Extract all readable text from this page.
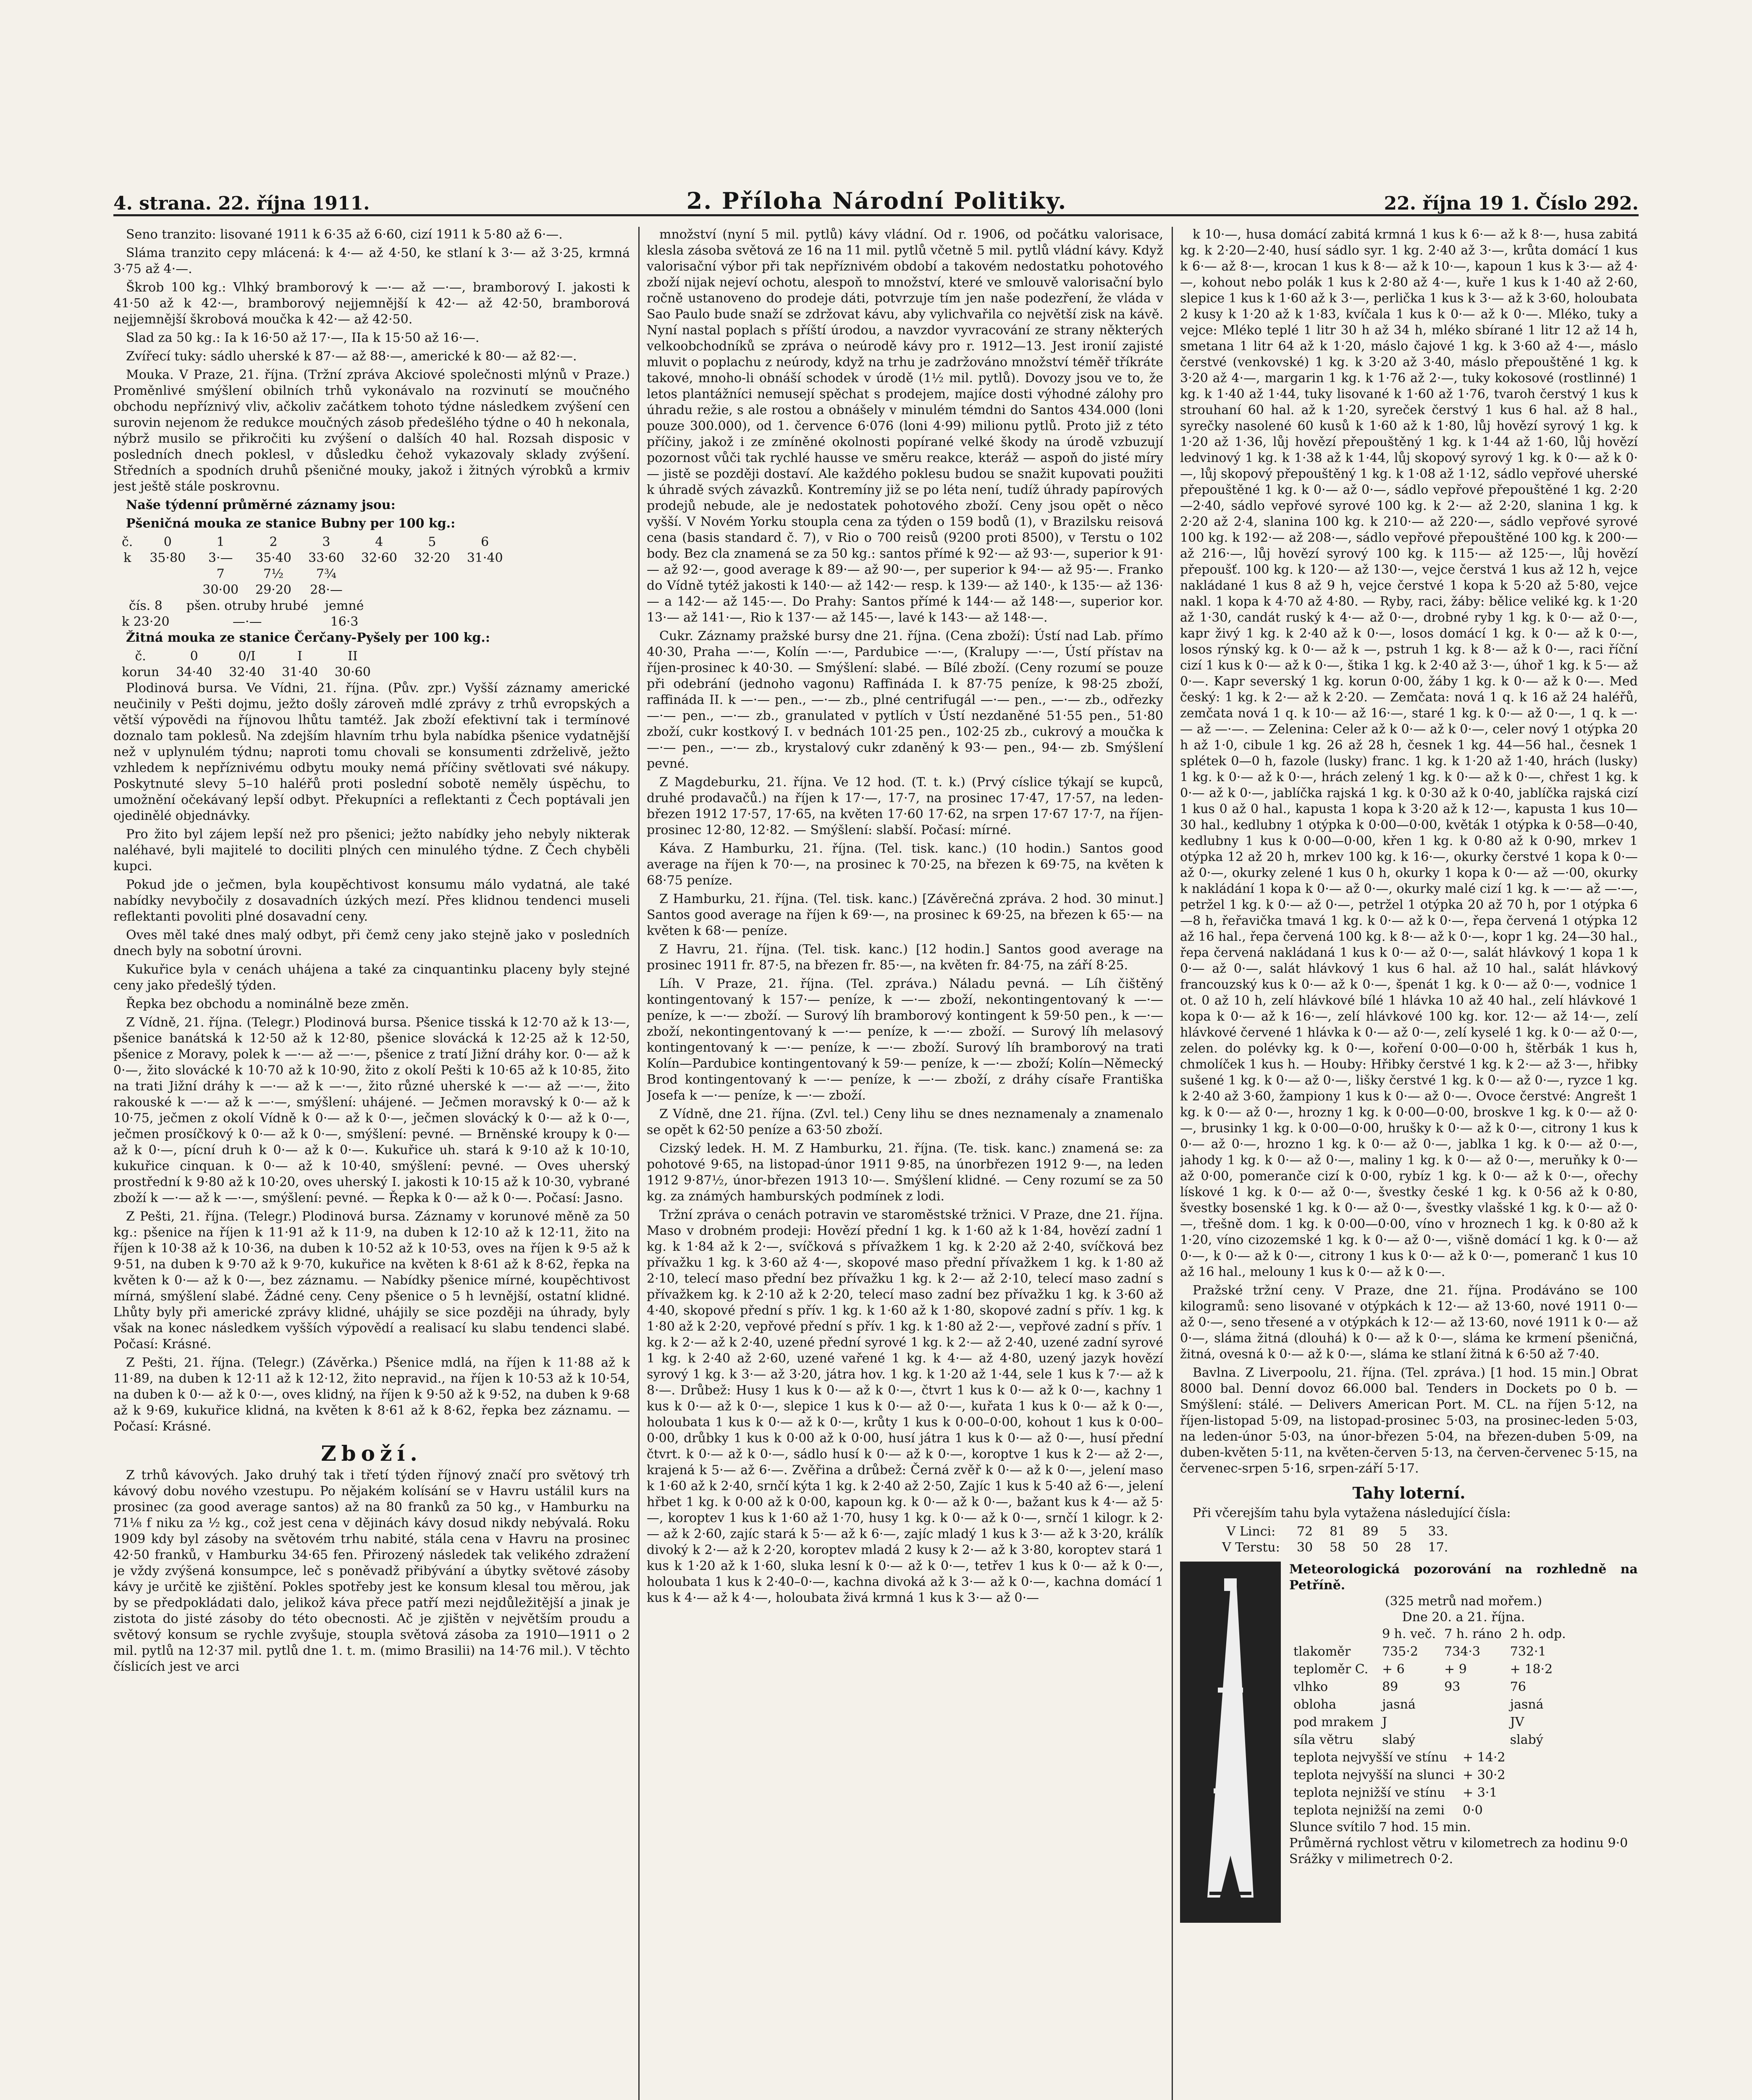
4. strana. 22. října 1911.	2. Příloha Národní Politiky.	22. října 19 1. Číslo 292.

Seno tranzito: lisované 1911 k 6·35 až 6·60, cizí 1911 k 5·80 až 6·—.

Sláma tranzito cepy mlácená: k 4·— až 4·50, ke stlaní k 3·— až 3·25, krmná 3·75 až 4·—.

Škrob 100 kg.: Vlhký bramborový k —·— až —·—, bramborový I. jakosti k 41·50 až k 42·—, bramborový nejjemnější k 42·— až 42·50, bramborová nejjemnější škrobová moučka k 42·— až 42·50.

Slad za 50 kg.: Ia k 16·50 až 17·—, IIa k 15·50 až 16·—.

Zvířecí tuky: sádlo uherské k 87·— až 88·—, americké k 80·— až 82·—.

Mouka. V Praze, 21. října. (Tržní zpráva Akciové společnosti mlýnů v Praze.) Proměnlivé smýšlení obilních trhů vykonávalo na rozvinutí se moučného obchodu nepříznivý vliv, ačkoliv začátkem tohoto týdne následkem zvýšení cen surovin nejenom že redukce moučných zásob předešlého týdne o 40 h nekonala, nýbrž musilo se přikročiti ku zvýšení o dalších 40 hal. Rozsah disposic v posledních dnech poklesl, v důsledku čehož vykazovaly sklady zvýšení. Středních a spodních druhů pšeničné mouky, jakož i žitných výrobků a krmiv jest ještě stále poskrovnu.

Naše týdenní průměrné záznamy jsou:

Pšeničná mouka ze stanice Bubny per 100 kg.:

č.	0	1	2	3	4	5	6
k	35·80	3·—	35·40	33·60	32·60	32·20	31·40
		7	7½	7¾			
		30·00	29·20	28·—			
čís. 8	pšen. otruby hrubé	jemné
k 23·20	—·—	16·3

Žitná mouka ze stanice Čerčany-Pyšely per 100 kg.:

č.	0	0/I	I	II
korun	34·40	32·40	31·40	30·60

Plodinová bursa. Ve Vídni, 21. října. (Pův. zpr.) Vyšší záznamy americké neučinily v Pešti dojmu, ježto došly zároveň mdlé zprávy z trhů evropských a větší výpovědi na říjnovou lhůtu tamtéž. Jak zboží efektivní tak i termínové doznalo tam poklesů. Na zdejším hlavním trhu byla nabídka pšenice vydatnější než v uplynulém týdnu; naproti tomu chovali se konsumenti zdrželivě, ježto vzhledem k nepříznivému odbytu mouky nemá příčiny světlovati své nákupy. Poskytnuté slevy 5–10 haléřů proti poslední sobotě neměly úspěchu, to umožnění očekávaný lepší odbyt. Překupníci a reflektanti z Čech poptávali jen ojedinělé objednávky.

Pro žito byl zájem lepší než pro pšenici; ježto nabídky jeho nebyly nikterak naléhavé, byli majitelé to dociliti plných cen minulého týdne. Z Čech chyběli kupci.

Pokud jde o ječmen, byla koupěchtivost konsumu málo vydatná, ale také nabídky nevybočily z dosavadních úzkých mezí. Přes klidnou tendenci museli reflektanti povoliti plné dosavadní ceny.

Oves měl také dnes malý odbyt, při čemž ceny jako stejně jako v posledních dnech byly na sobotní úrovni.

Kukuřice byla v cenách uhájena a také za cinquantinku placeny byly stejné ceny jako předešlý týden.

Řepka bez obchodu a nominálně beze změn.

Z Vídně, 21. října. (Telegr.) Plodinová bursa. Pšenice tisská k 12·70 až k 13·—, pšenice banátská k 12·50 až k 12·80, pšenice slovácká k 12·25 až k 12·50, pšenice z Moravy, polek k —·— až —·—, pšenice z tratí Jižní dráhy kor. 0·— až k 0·—, žito slovácké k 10·70 až k 10·90, žito z okolí Pešti k 10·65 až k 10·85, žito na trati Jižní dráhy k —·— až k —·—, žito různé uherské k —·— až —·—, žito rakouské k —·— až k —·—, smýšlení: uhájené. — Ječmen moravský k 0·— až k 10·75, ječmen z okolí Vídně k 0·— až k 0·—, ječmen slovácký k 0·— až k 0·—, ječmen prosíčkový k 0·— až k 0·—, smýšlení: pevné. — Brněnské kroupy k 0·— až k 0·—, pícní druh k 0·— až k 0·—. Kukuřice uh. stará k 9·10 až k 10·10, kukuřice cinquan. k 0·— až k 10·40, smýšlení: pevné. — Oves uherský prostřední k 9·80 až k 10·20, oves uherský I. jakosti k 10·15 až k 10·30, vybrané zboží k —·— až k —·—, smýšlení: pevné. — Řepka k 0·— až k 0·—. Počasí: Jasno.

Z Pešti, 21. října. (Telegr.) Plodinová bursa. Záznamy v korunové měně za 50 kg.: pšenice na říjen k 11·91 až k 11·9, na duben k 12·10 až k 12·11, žito na říjen k 10·38 až k 10·36, na duben k 10·52 až k 10·53, oves na říjen k 9·5 až k 9·51, na duben k 9·70 až k 9·70, kukuřice na květen k 8·61 až k 8·62, řepka na květen k 0·— až k 0·—, bez záznamu. — Nabídky pšenice mírné, koupěchtivost mírná, smýšlení slabé. Žádné ceny. Ceny pšenice o 5 h levnější, ostatní klidné. Lhůty byly při americké zprávy klidné, uhájily se sice později na úhrady, byly však na konec následkem vyšších výpovědí a realisací ku slabu tendenci slabé. Počasí: Krásné.

Z Pešti, 21. října. (Telegr.) (Závěrka.) Pšenice mdlá, na říjen k 11·88 až k 11·89, na duben k 12·11 až k 12·12, žito nepravid., na říjen k 10·53 až k 10·54, na duben k 0·— až k 0·—, oves klidný, na říjen k 9·50 až k 9·52, na duben k 9·68 až k 9·69, kukuřice klidná, na květen k 8·61 až k 8·62, řepka bez záznamu. — Počasí: Krásné.

Zboží.

Z trhů kávových. Jako druhý tak i třetí týden říjnový značí pro světový trh kávový dobu nového vzestupu. Po nějakém kolísání se v Havru ustálil kurs na prosinec (za good average santos) až na 80 franků za 50 kg., v Hamburku na 71⅛ f niku za ½ kg., což jest cena v dějinách kávy dosud nikdy nebývalá. Roku 1909 kdy byl zásoby na světovém trhu nabité, stála cena v Havru na prosinec 42·50 franků, v Hamburku 34·65 fen. Přirozený následek tak velikého zdražení je vždy zvýšená konsumpce, leč s poněvadž přibývání a úbytky světové zásoby kávy je určitě ke zjištění. Pokles spotřeby jest ke konsum klesal tou měrou, jak by se předpokládati dalo, jelikož káva přece patří mezi nejdůležitější a jinak je zistota do jisté zásoby do této obecnosti. Ač je zjištěn v největším proudu a světový konsum se rychle zvyšuje, stoupla světová zásoba za 1910—1911 o 2 mil. pytlů na 12·37 mil. pytlů dne 1. t. m. (mimo Brasilii) na 14·76 mil.). V těchto číslicích jest ve arci

množství (nyní 5 mil. pytlů) kávy vládní. Od r. 1906, od počátku valorisace, klesla zásoba světová ze 16 na 11 mil. pytlů včetně 5 mil. pytlů vládní kávy. Když valorisační výbor při tak nepříznivém období a takovém nedostatku pohotového zboží nijak nejeví ochotu, alespoň to množství, které ve smlouvě valorisační bylo ročně ustanoveno do prodeje dáti, potvrzuje tím jen naše podezření, že vláda v Sao Paulo bude snaží se zdržovat kávu, aby vylichvařila co největší zisk na kávě. Nyní nastal poplach s příští úrodou, a navzdor vyvracování ze strany některých velkoobchodníků se zpráva o neúrodě kávy pro r. 1912—13. Jest ironií zajisté mluvit o poplachu z neúrody, když na trhu je zadržováno množství téměř tříkráte takové, mnoho-li obnáší schodek v úrodě (1½ mil. pytlů). Dovozy jsou ve to, že letos plantážníci nemusejí spěchat s prodejem, majíce dosti výhodné zálohy pro úhradu režie, s ale rostou a obnášely v minulém témdni do Santos 434.000 (loni pouze 300.000), od 1. července 6·076 (loni 4·99) milionu pytlů. Proto již z této příčiny, jakož i ze zmíněné okolnosti popírané velké škody na úrodě vzbuzují pozornost vůči tak rychlé hausse ve směru reakce, kteráž — aspoň do jisté míry — jistě se později dostaví. Ale každého poklesu budou se snažit kupovati použiti k úhradě svých závazků. Kontremíny již se po léta není, tudíž úhrady papírových prodejů nebude, ale je nedostatek pohotového zboží. Ceny jsou opět o něco vyšší. V Novém Yorku stoupla cena za týden o 159 bodů (1), v Brazilsku reisová cena (basis standard č. 7), v Rio o 700 reisů (9200 proti 8500), v Terstu o 102 body. Bez cla znamená se za 50 kg.: santos přímé k 92·— až 93·—, superior k 91·— až 92·—, good average k 89·— až 90·—, per superior k 94·— až 95·—. Franko do Vídně tytéž jakosti k 140·— až 142·— resp. k 139·— až 140·, k 135·— až 136·— a 142·— až 145·—. Do Prahy: Santos přímé k 144·— až 148·—, superior kor. 13·— až 141·—, Rio k 137·— až 145·—, lavé k 143·— až 148·—.

Cukr. Záznamy pražské bursy dne 21. října. (Cena zboží): Ústí nad Lab. přímo 40·30, Praha —·—, Kolín —·—, Pardubice —·—, (Kralupy —·—, Ústí přístav na říjen-prosinec k 40·30. — Smýšlení: slabé. — Bílé zboží. (Ceny rozumí se pouze při odebrání (jednoho vagonu) Raffináda I. k 87·75 peníze, k 98·25 zboží, raffináda II. k —·— pen., —·— zb., plné centrifugál —·— pen., —·— zb., odřezky —·— pen., —·— zb., granulated v pytlích v Ústí nezdaněné 51·55 pen., 51·80 zboží, cukr kostkový I. v bednách 101·25 pen., 102·25 zb., cukrový a moučka k —·— pen., —·— zb., krystalový cukr zdaněný k 93·— pen., 94·— zb. Smýšlení pevné.

Z Magdeburku, 21. října. Ve 12 hod. (T. t. k.) (Prvý císlice týkají se kupců, druhé prodavačů.) na říjen k 17·—, 17·7, na prosinec 17·47, 17·57, na leden-březen 1912 17·57, 17·65, na květen 17·60 17·62, na srpen 17·67 17·7, na říjen-prosinec 12·80, 12·82. — Smýšlení: slabší. Počasí: mírné.

Káva. Z Hamburku, 21. října. (Tel. tisk. kanc.) (10 hodin.) Santos good average na říjen k 70·—, na prosinec k 70·25, na březen k 69·75, na květen k 68·75 peníze.

Z Hamburku, 21. října. (Tel. tisk. kanc.) [Závěrečná zpráva. 2 hod. 30 minut.] Santos good average na říjen k 69·—, na prosinec k 69·25, na březen k 65·— na květen k 68·— peníze.

Z Havru, 21. října. (Tel. tisk. kanc.) [12 hodin.] Santos good average na prosinec 1911 fr. 87·5, na březen fr. 85·—, na květen fr. 84·75, na září 8·25.

Líh. V Praze, 21. října. (Tel. zpráva.) Náladu pevná. — Líh čištěný kontingentovaný k 157·— peníze, k —·— zboží, nekontingentovaný k —·— peníze, k —·— zboží. — Surový líh bramborový kontingent k 59·50 pen., k —·— zboží, nekontingentovaný k —·— peníze, k —·— zboží. — Surový líh melasový kontingentovaný k —·— peníze, k —·— zboží. Surový líh bramborový na trati Kolín—Pardubice kontingentovaný k 59·— peníze, k —·— zboží; Kolín—Německý Brod kontingentovaný k —·— peníze, k —·— zboží, z dráhy císaře Františka Josefa k —·— peníze, k —·— zboží.

Z Vídně, dne 21. října. (Zvl. tel.) Ceny lihu se dnes neznamenaly a znamenalo se opět k 62·50 peníze a 63·50 zboží.

Cizský ledek. H. M. Z Hamburku, 21. října. (Te. tisk. kanc.) znamená se: za pohotové 9·65, na listopad-únor 1911 9·85, na únorbřezen 1912 9·—, na leden 1912 9·87½, únor-březen 1913 10·—. Smýšlení klidné. — Ceny rozumí se za 50 kg. za známých hamburských podmínek z lodi.

Tržní zpráva o cenách potravin ve staroměstské tržnici. V Praze, dne 21. října. Maso v drobném prodeji: Hovězí přední 1 kg. k 1·60 až k 1·84, hovězí zadní 1 kg. k 1·84 až k 2·—, svíčková s přívažkem 1 kg. k 2·20 až 2·40, svíčková bez přívažku 1 kg. k 3·60 až 4·—, skopové maso přední přívažkem 1 kg. k 1·80 až 2·10, telecí maso přední bez přívažku 1 kg. k 2·— až 2·10, telecí maso zadní s přívažkem kg. k 2·10 až k 2·20, telecí maso zadní bez přívažku 1 kg. k 3·60 až 4·40, skopové přední s přív. 1 kg. k 1·60 až k 1·80, skopové zadní s přív. 1 kg. k 1·80 až k 2·20, vepřové přední s přív. 1 kg. k 1·80 až 2·—, vepřové zadní s přív. 1 kg. k 2·— až k 2·40, uzené přední syrové 1 kg. k 2·— až 2·40, uzené zadní syrové 1 kg. k 2·40 až 2·60, uzené vařené 1 kg. k 4·— až 4·80, uzený jazyk hovězí syrový 1 kg. k 3·— až 3·20, játra hov. 1 kg. k 1·20 až 1·44, sele 1 kus k 7·— až k 8·—. Drůbež: Husy 1 kus k 0·— až k 0·—, čtvrt 1 kus k 0·— až k 0·—, kachny 1 kus k 0·— až k 0·—, slepice 1 kus k 0·— až 0·—, kuřata 1 kus k 0·— až k 0·—, holoubata 1 kus k 0·— až k 0·—, krůty 1 kus k 0·00–0·00, kohout 1 kus k 0·00–0·00, drůbky 1 kus k 0·00 až k 0·00, husí játra 1 kus k 0·— až 0·—, husí přední čtvrt. k 0·— až k 0·—, sádlo husí k 0·— až k 0·—, koroptve 1 kus k 2·— až 2·—, krajená k 5·— až 6·—. Zvěřina a drůbež: Černá zvěř k 0·— až k 0·—, jelení maso k 1·60 až k 2·40, srnčí kýta 1 kg. k 2·40 až 2·50, Zajíc 1 kus k 5·40 až 6·—, jelení hřbet 1 kg. k 0·00 až k 0·00, kapoun kg. k 0·— až k 0·—, bažant kus k 4·— až 5·—, koroptev 1 kus k 1·60 až 1·70, husy 1 kg. k 0·— až k 0·—, srnčí 1 kilogr. k 2·— až k 2·60, zajíc stará k 5·— až k 6·—, zajíc mladý 1 kus k 3·— až k 3·20, králík divoký k 2·— až k 2·20, koroptev mladá 2 kusy k 2·— až k 3·80, koroptev stará 1 kus k 1·20 až k 1·60, sluka lesní k 0·— až k 0·—, tetřev 1 kus k 0·— až k 0·—, holoubata 1 kus k 2·40–0·—, kachna divoká až k 3·— až k 0·—, kachna domácí 1 kus k 4·— až k 4·—, holoubata živá krmná 1 kus k 3·— až 0·—

k 10·—, husa domácí zabitá krmná 1 kus k 6·— až k 8·—, husa zabitá kg. k 2·20—2·40, husí sádlo syr. 1 kg. 2·40 až 3·—, krůta domácí 1 kus k 6·— až 8·—, krocan 1 kus k 8·— až k 10·—, kapoun 1 kus k 3·— až 4·—, kohout nebo polák 1 kus k 2·80 až 4·—, kuře 1 kus k 1·40 až 2·60, slepice 1 kus k 1·60 až k 3·—, perlička 1 kus k 3·— až k 3·60, holoubata 2 kusy k 1·20 až k 1·83, kvíčala 1 kus k 0·— až k 0·—. Mléko, tuky a vejce: Mléko teplé 1 litr 30 h až 34 h, mléko sbírané 1 litr 12 až 14 h, smetana 1 litr 64 až k 1·20, máslo čajové 1 kg. k 3·60 až 4·—, máslo čerstvé (venkovské) 1 kg. k 3·20 až 3·40, máslo přepouštěné 1 kg. k 3·20 až 4·—, margarin 1 kg. k 1·76 až 2·—, tuky kokosové (rostlinné) 1 kg. k 1·40 až 1·44, tuky lisované k 1·60 až 1·76, tvaroh čerstvý 1 kus k strouhaní 60 hal. až k 1·20, syreček čerstvý 1 kus 6 hal. až 8 hal., syrečky nasolené 60 kusů k 1·60 až k 1·80, lůj hovězí syrový 1 kg. k 1·20 až 1·36, lůj hovězí přepouštěný 1 kg. k 1·44 až 1·60, lůj hovězí ledvinový 1 kg. k 1·38 až k 1·44, lůj skopový syrový 1 kg. k 0·— až k 0·—, lůj skopový přepouštěný 1 kg. k 1·08 až 1·12, sádlo vepřové uherské přepouštěné 1 kg. k 0·— až 0·—, sádlo vepřové přepouštěné 1 kg. 2·20—2·40, sádlo vepřové syrové 100 kg. k 2·— až 2·20, slanina 1 kg. k 2·20 až 2·4, slanina 100 kg. k 210·— až 220·—, sádlo vepřové syrové 100 kg. k 192·— až 208·—, sádlo vepřové přepouštěné 100 kg. k 200·— až 216·—, lůj hovězí syrový 100 kg. k 115·— až 125·—, lůj hovězí přepoušť. 100 kg. k 120·— až 130·—, vejce čerstvá 1 kus až 12 h, vejce nakládané 1 kus 8 až 9 h, vejce čerstvé 1 kopa k 5·20 až 5·80, vejce nakl. 1 kopa k 4·70 až 4·80. — Ryby, raci, žáby: bělice veliké kg. k 1·20 až 1·30, candát ruský k 4·— až 0·—, drobné ryby 1 kg. k 0·— až 0·—, kapr živý 1 kg. k 2·40 až k 0·—, losos domácí 1 kg. k 0·— až k 0·—, losos rýnský kg. k 0·— až k —, pstruh 1 kg. k 8·— až k 0·—, raci říční cizí 1 kus k 0·— až k 0·—, štika 1 kg. k 2·40 až 3·—, úhoř 1 kg. k 5·— až 0·—. Kapr severský 1 kg. korun 0·00, žáby 1 kg. k 0·— až k 0·—. Med český: 1 kg. k 2·— až k 2·20. — Zemčata: nová 1 q. k 16 až 24 haléřů, zemčata nová 1 q. k 10·— až 16·—, staré 1 kg. k 0·— až 0·—, 1 q. k —·— až —·—. — Zelenina: Celer až k 0·— až k 0·—, celer nový 1 otýpka 20 h až 1·0, cibule 1 kg. 26 až 28 h, česnek 1 kg. 44—56 hal., česnek 1 splétek 0—0 h, fazole (lusky) franc. 1 kg. k 1·20 až 1·40, hrách (lusky) 1 kg. k 0·— až k 0·—, hrách zelený 1 kg. k 0·— až k 0·—, chřest 1 kg. k 0·— až k 0·—, jablíčka rajská 1 kg. k 0·30 až k 0·40, jablíčka rajská cizí 1 kus 0 až 0 hal., kapusta 1 kopa k 3·20 až k 12·—, kapusta 1 kus 10—30 hal., kedlubny 1 otýpka k 0·00—0·00, květák 1 otýpka k 0·58—0·40, kedlubny 1 kus k 0·00—0·00, křen 1 kg. k 0·80 až k 0·90, mrkev 1 otýpka 12 až 20 h, mrkev 100 kg. k 16·—, okurky čerstvé 1 kopa k 0·— až 0·—, okurky zelené 1 kus 0 h, okurky 1 kopa k 0·— až —·00, okurky k nakládání 1 kopa k 0·— až 0·—, okurky malé cizí 1 kg. k —·— až —·—, petržel 1 kg. k 0·— až 0·—, petržel 1 otýpka 20 až 70 h, por 1 otýpka 6—8 h, řeřavička tmavá 1 kg. k 0·— až k 0·—, řepa červená 1 otýpka 12 až 16 hal., řepa červená 100 kg. k 8·— až k 0·—, kopr 1 kg. 24—30 hal., řepa červená nakládaná 1 kus k 0·— až 0·—, salát hlávkový 1 kopa 1 k 0·— až 0·—, salát hlávkový 1 kus 6 hal. až 10 hal., salát hlávkový francouzský kus k 0·— až k 0·—, špenát 1 kg. k 0·— až 0·—, vodnice 1 ot. 0 až 10 h, zelí hlávkové bílé 1 hlávka 10 až 40 hal., zelí hlávkové 1 kopa k 0·— až k 16·—, zelí hlávkové 100 kg. kor. 12·— až 14·—, zelí hlávkové červené 1 hlávka k 0·— až 0·—, zelí kyselé 1 kg. k 0·— až 0·—, zelen. do polévky kg. k 0·—, koření 0·00—0·00 h, štěrbák 1 kus h, chmolíček 1 kus h. — Houby: Hřibky čerstvé 1 kg. k 2·— až 3·—, hřibky sušené 1 kg. k 0·— až 0·—, lišky čerstvé 1 kg. k 0·— až 0·—, ryzce 1 kg. k 2·40 až 3·60, žampiony 1 kus k 0·— až 0·—. Ovoce čerstvé: Angrešt 1 kg. k 0·— až 0·—, hrozny 1 kg. k 0·00—0·00, broskve 1 kg. k 0·— až 0·—, brusinky 1 kg. k 0·00—0·00, hrušky k 0·— až k 0·—, citrony 1 kus k 0·— až 0·—, hrozno 1 kg. k 0·— až 0·—, jablka 1 kg. k 0·— až 0·—, jahody 1 kg. k 0·— až 0·—, maliny 1 kg. k 0·— až 0·—, meruňky k 0·— až 0·00, pomeranče cizí k 0·00, rybíz 1 kg. k 0·— až k 0·—, ořechy lískové 1 kg. k 0·— až 0·—, švestky české 1 kg. k 0·56 až k 0·80, švestky bosenské 1 kg. k 0·— až 0·—, švestky vlašské 1 kg. k 0·— až 0·—, třešně dom. 1 kg. k 0·00—0·00, víno v hroznech 1 kg. k 0·80 až k 1·20, víno cizozemské 1 kg. k 0·— až 0·—, višně domácí 1 kg. k 0·— až 0·—, k 0·— až k 0·—, citrony 1 kus k 0·— až k 0·—, pomeranč 1 kus 10 až 16 hal., melouny 1 kus k 0·— až k 0·—.

Pražské tržní ceny. V Praze, dne 21. října. Prodáváno se 100 kilogramů: seno lisované v otýpkách k 12·— až 13·60, nové 1911 0·— až 0·—, seno třesené a v otýpkách k 12·— až 13·60, nové 1911 k 0·— až 0·—, sláma žitná (dlouhá) k 0·— až k 0·—, sláma ke krmení pšeničná, žitná, ovesná k 0·— až k 0·—, sláma ke stlaní žitná k 6·50 až 7·40.

Bavlna. Z Liverpoolu, 21. října. (Tel. zpráva.) [1 hod. 15 min.] Obrat 8000 bal. Denní dovoz 66.000 bal. Tenders in Dockets po 0 b. — Smýšlení: stálé. — Delivers American Port. M. CL. na říjen 5·12, na říjen-listopad 5·09, na listopad-prosinec 5·03, na prosinec-leden 5·03, na leden-únor 5·03, na únor-březen 5·04, na březen-duben 5·09, na duben-květen 5·11, na květen-červen 5·13, na červen-červenec 5·15, na červenec-srpen 5·16, srpen-září 5·17.

Tahy loterní.

Při včerejším tahu byla vytažena následující čísla:

V Linci:	72	81	89	5	33.
V Terstu:	30	58	50	28	17.
Meteorologická pozorování na rozhledně na Petříně.
(325 metrů nad mořem.)
Dne 20. a 21. října.
	9 h. več.	7 h. ráno	2 h. odp.
tlakoměr	735·2	734·3	732·1
teploměr C.	+ 6	+ 9	+ 18·2
vlhko	89	93	76
obloha	jasná		jasná
pod mrakem	J		JV
síla větru	slabý		slabý
teplota nejvyšší ve stínu	+ 14·2
teplota nejvyšší na slunci	+ 30·2
teplota nejnižší ve stínu	+ 3·1
teplota nejnižší na zemi	0·0
Slunce svítilo 7 hod. 15 min.
Průměrná rychlost větru v kilometrech za hodinu 9·0
Srážky v milimetrech 0·2.
